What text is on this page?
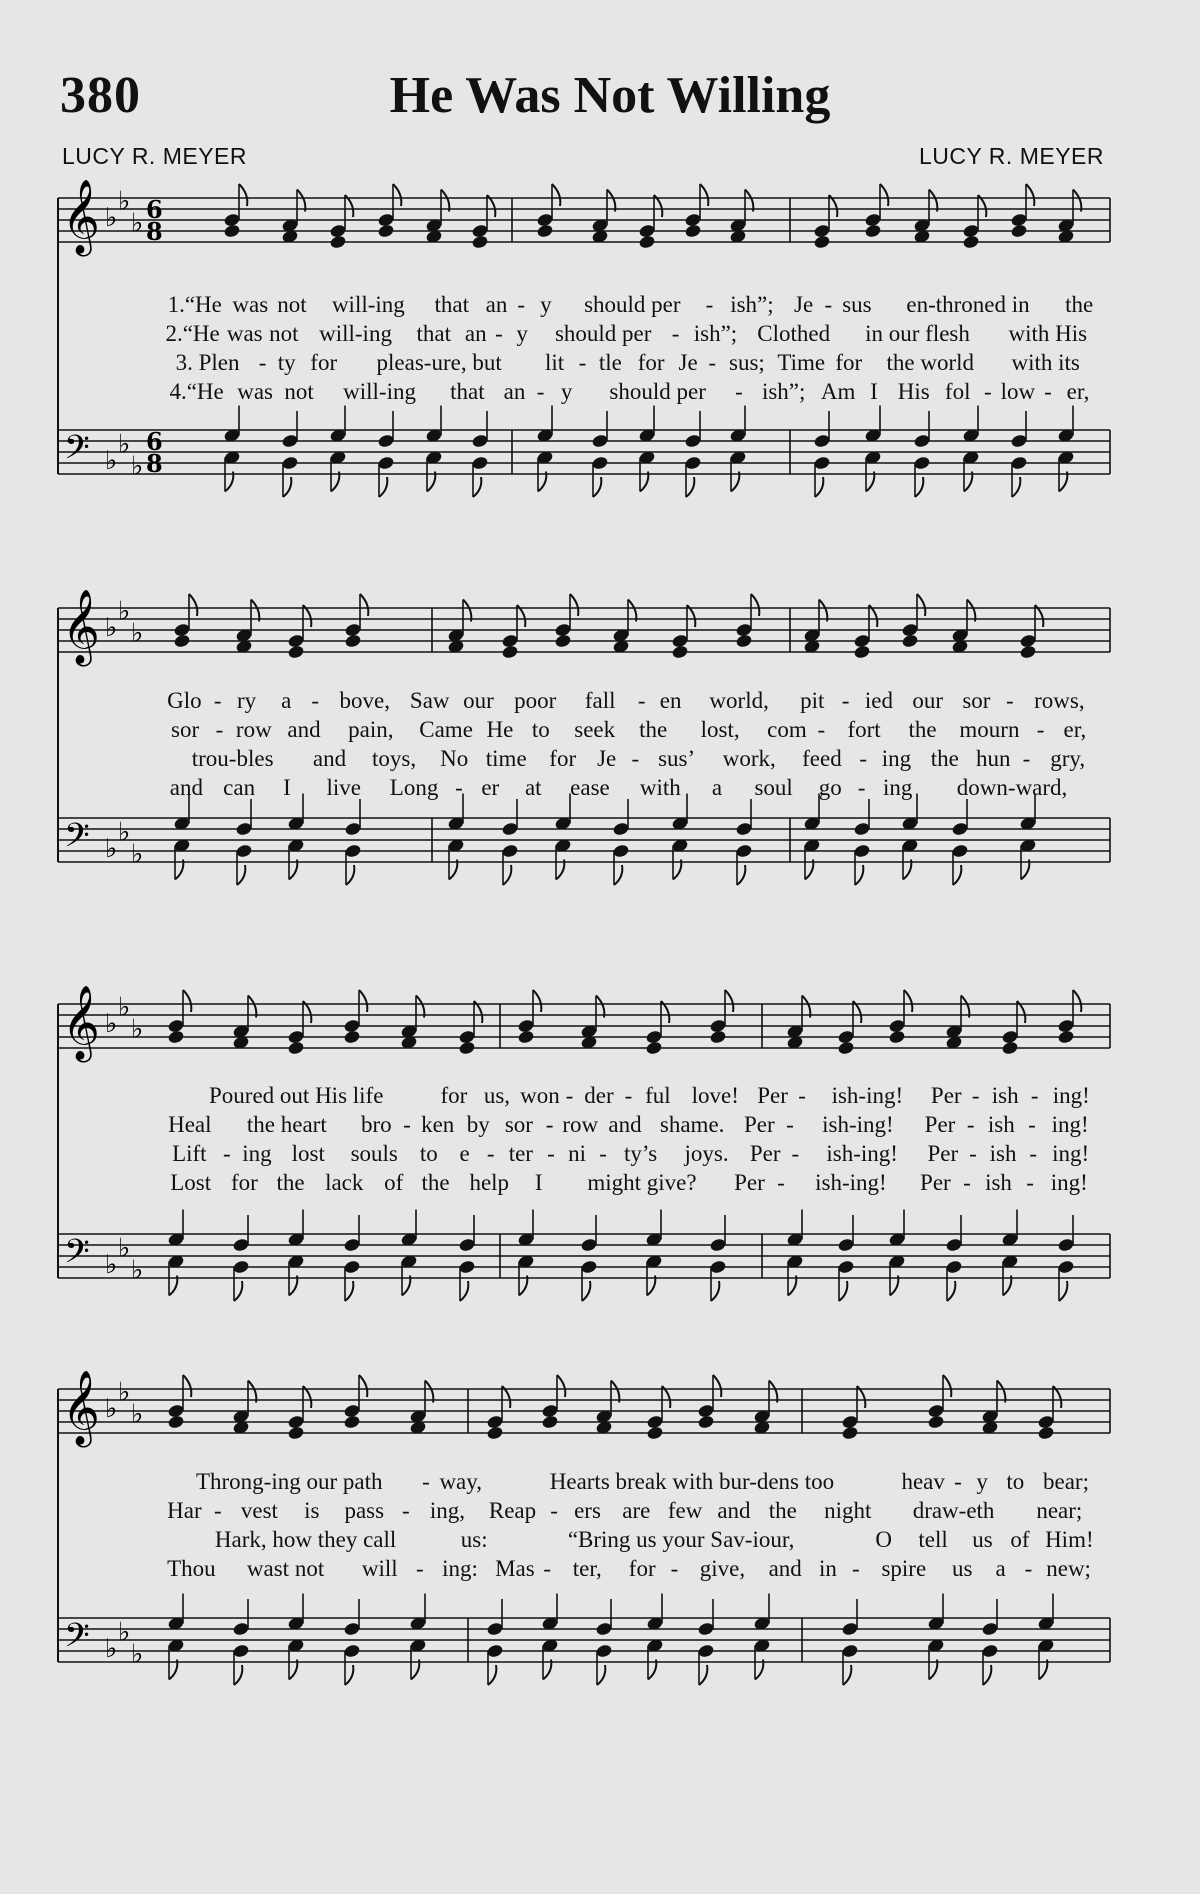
380	He Was Not Willing
LUCY R. MEYER	LUCY R. MEYER
𝄞
𝄢
♭
♭
♭
♭
♭
♭
6
6
8
8
𝄞
𝄢
♭
♭
♭
♭
♭
♭
𝄞
𝄢
♭
♭
♭
♭
♭
♭
𝄞
𝄢
♭
♭
♭
♭
♭
♭
1.“He was not will-ing that an - y should per - ish”; Je - sus en-throned in the
2.“He was not will-ing that an - y should per - ish”; Clothed in our flesh with His
3. Plen - ty for pleas-ure, but lit - tle for Je - sus; Time for the world with its
4.“He was not will-ing that an - y should per - ish”; Am I His fol - low - er,
Glo - ry a - bove, Saw our poor fall - en world, pit - ied our sor - rows,
sor - row and pain, Came He to seek the lost, com - fort the mourn - er,
trou-bles and toys, No time for Je - sus’ work, feed - ing the hun - gry,
and can I live Long - er at ease with a soul go - ing down-ward,
Poured out His life for us, won - der - ful love! Per - ish-ing! Per - ish - ing!
Heal the heart bro - ken by sor - row and shame. Per - ish-ing! Per - ish - ing!
Lift - ing lost souls to e - ter - ni - ty’s joys. Per - ish-ing! Per - ish - ing!
Lost for the lack of the help I might give? Per - ish-ing! Per - ish - ing!
Throng-ing our path - way,	Hearts break with bur-dens too	heav - y to bear;
Har - vest is pass - ing, Reap - ers are few and the night draw-eth near;
Hark, how they call	us:	“Bring us your Sav-iour,	O tell us of Him!
Thou wast not will - ing: Mas - ter, for - give, and in - spire us a - new;
